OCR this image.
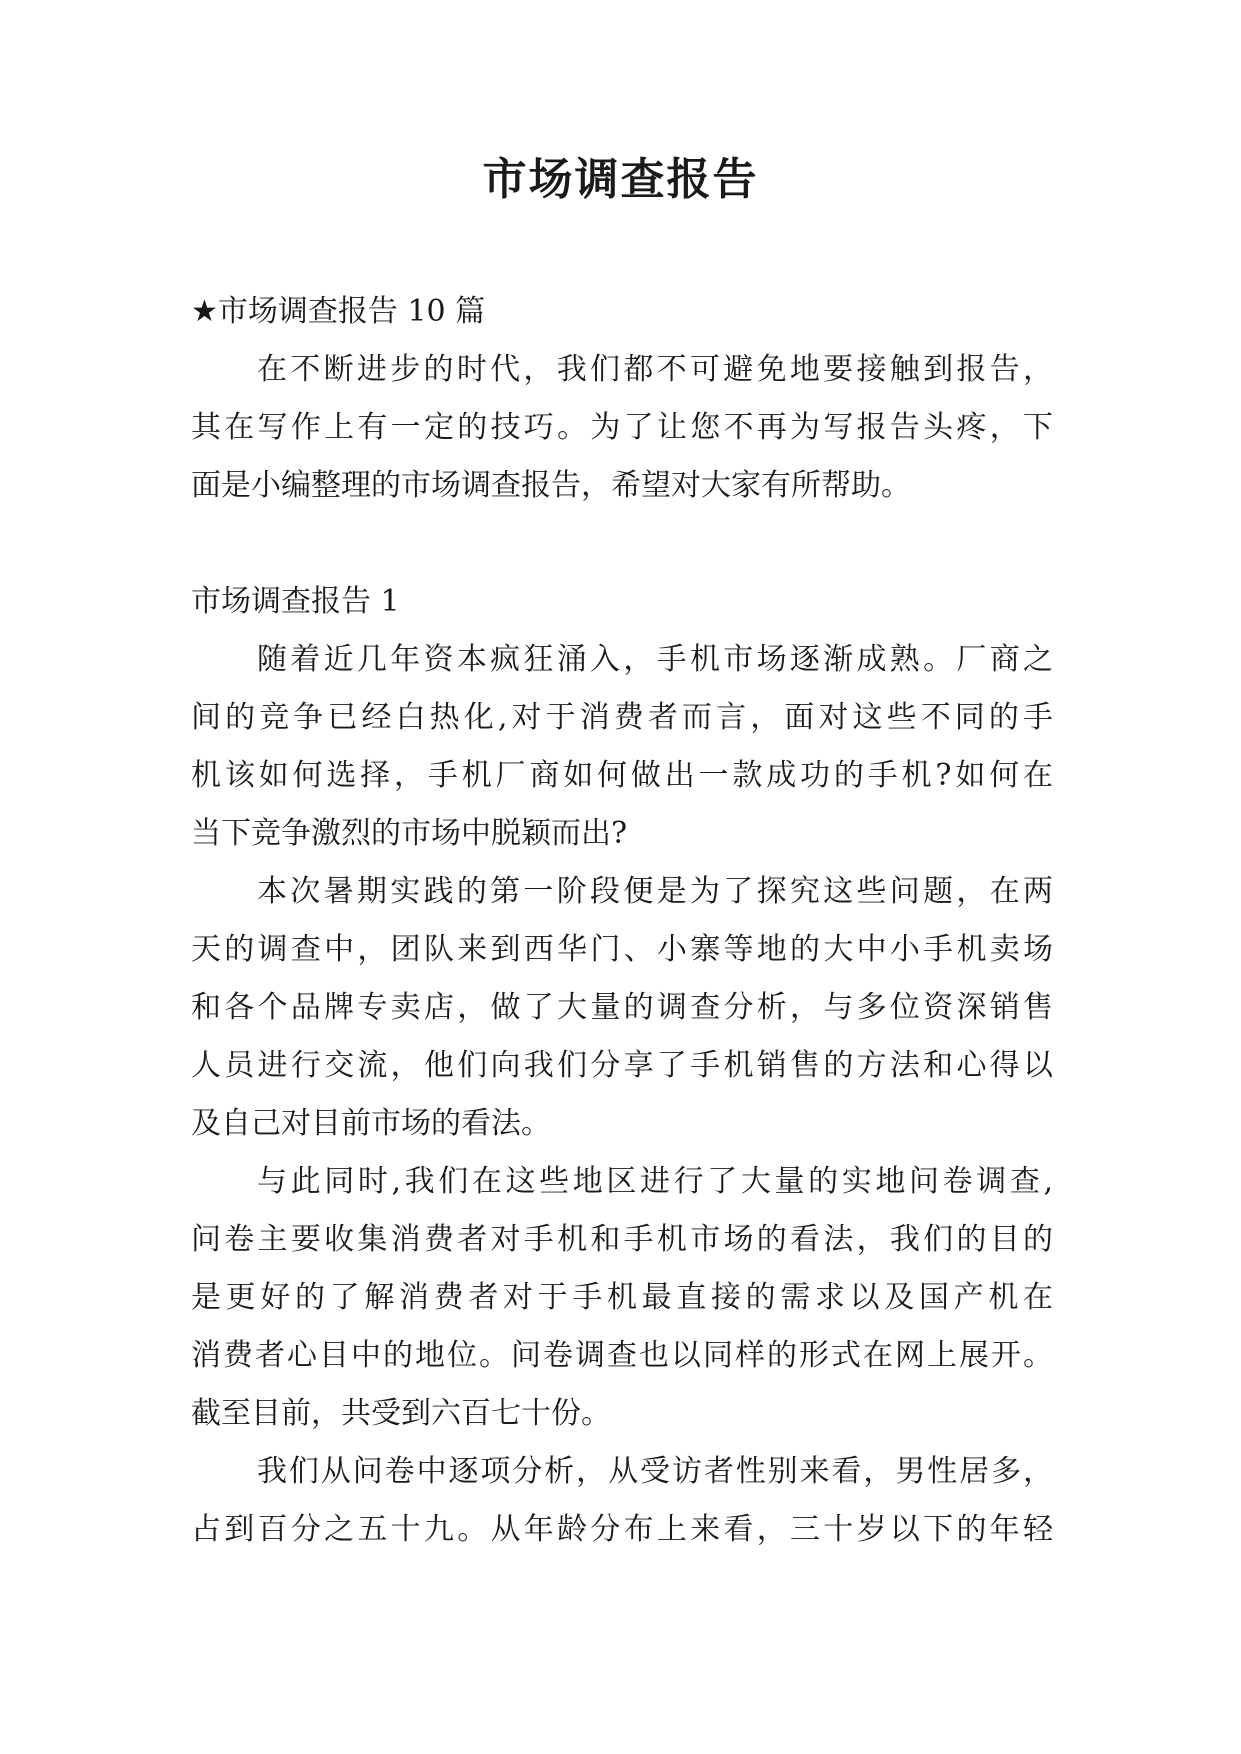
市场调查报告

★市场调查报告 10 篇

在不断进步的时代，我们都不可避免地要接触到报告，

其在写作上有一定的技巧。为了让您不再为写报告头疼，下

面是小编整理的市场调查报告，希望对大家有所帮助。

市场调查报告 1

随着近几年资本疯狂涌入，手机市场逐渐成熟。厂商之

间的竞争已经白热化,对于消费者而言，面对这些不同的手

机该如何选择，手机厂商如何做出一款成功的手机?如何在

当下竞争激烈的市场中脱颖而出?

本次暑期实践的第一阶段便是为了探究这些问题，在两

天的调查中，团队来到西华门、小寨等地的大中小手机卖场

和各个品牌专卖店，做了大量的调查分析，与多位资深销售

人员进行交流，他们向我们分享了手机销售的方法和心得以

及自己对目前市场的看法。

与此同时,我们在这些地区进行了大量的实地问卷调查,

问卷主要收集消费者对手机和手机市场的看法，我们的目的

是更好的了解消费者对于手机最直接的需求以及国产机在

消费者心目中的地位。问卷调查也以同样的形式在网上展开。

截至目前，共受到六百七十份。

我们从问卷中逐项分析，从受访者性别来看，男性居多，

占到百分之五十九。从年龄分布上来看，三十岁以下的年轻
